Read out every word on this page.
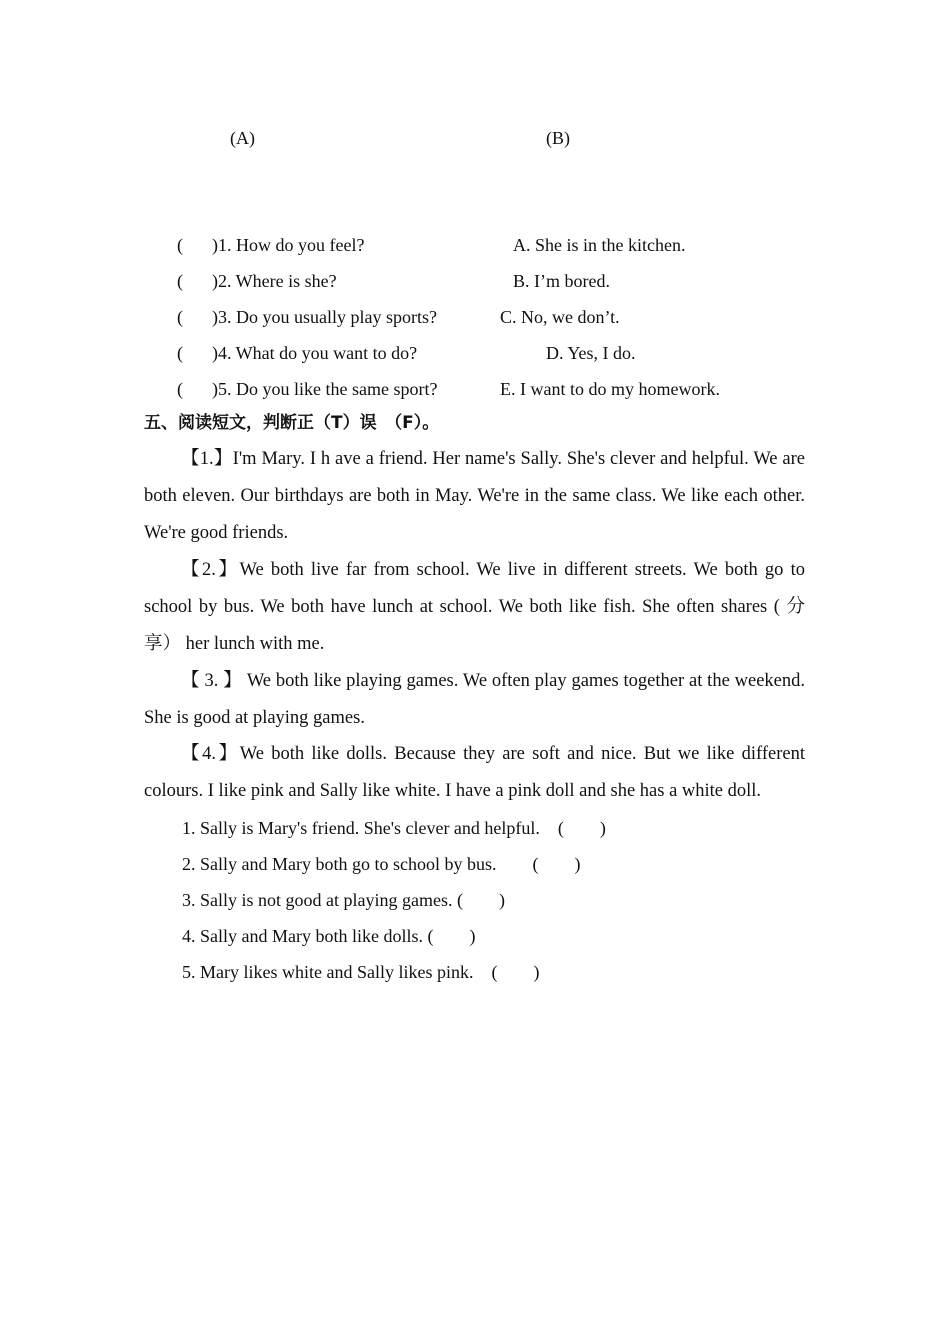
(A)	(B)
( )1. How do you feel?	A. She is in the kitchen.
( )2. Where is she?	B. I’m bored.
( )3. Do you usually play sports?	C. No, we don’t.
( )4. What do you want to do?	D. Yes, I do.
( )5. Do you like the same sport?	E. I want to do my homework.
五、阅读短文，判断正（T）误　（F）。

【1.】I'm Mary. I h ave a friend. Her name's Sally. She's clever and helpful. We are both eleven. Our birthdays are both in May. We're in the same class. We like each other. We're good friends.

【2.】We both live far from school. We live in different streets. We both go to school by bus. We both have lunch at school. We both like fish. She often shares ( 分享） her lunch with me.

【 3. 】 We both like playing games. We often play games together at the weekend. She is good at playing games.

【4.】We both like dolls. Because they are soft and nice. But we like different colours. I like pink and Sally like white. I have a pink doll and she has a white doll.

1. Sally is Mary's friend. She's clever and helpful.　(　　)
2. Sally and Mary both go to school by bus.　　(　　)
3. Sally is not good at playing games. (　　)
4. Sally and Mary both like dolls. (　　)
5. Mary likes white and Sally likes pink.　(　　)
